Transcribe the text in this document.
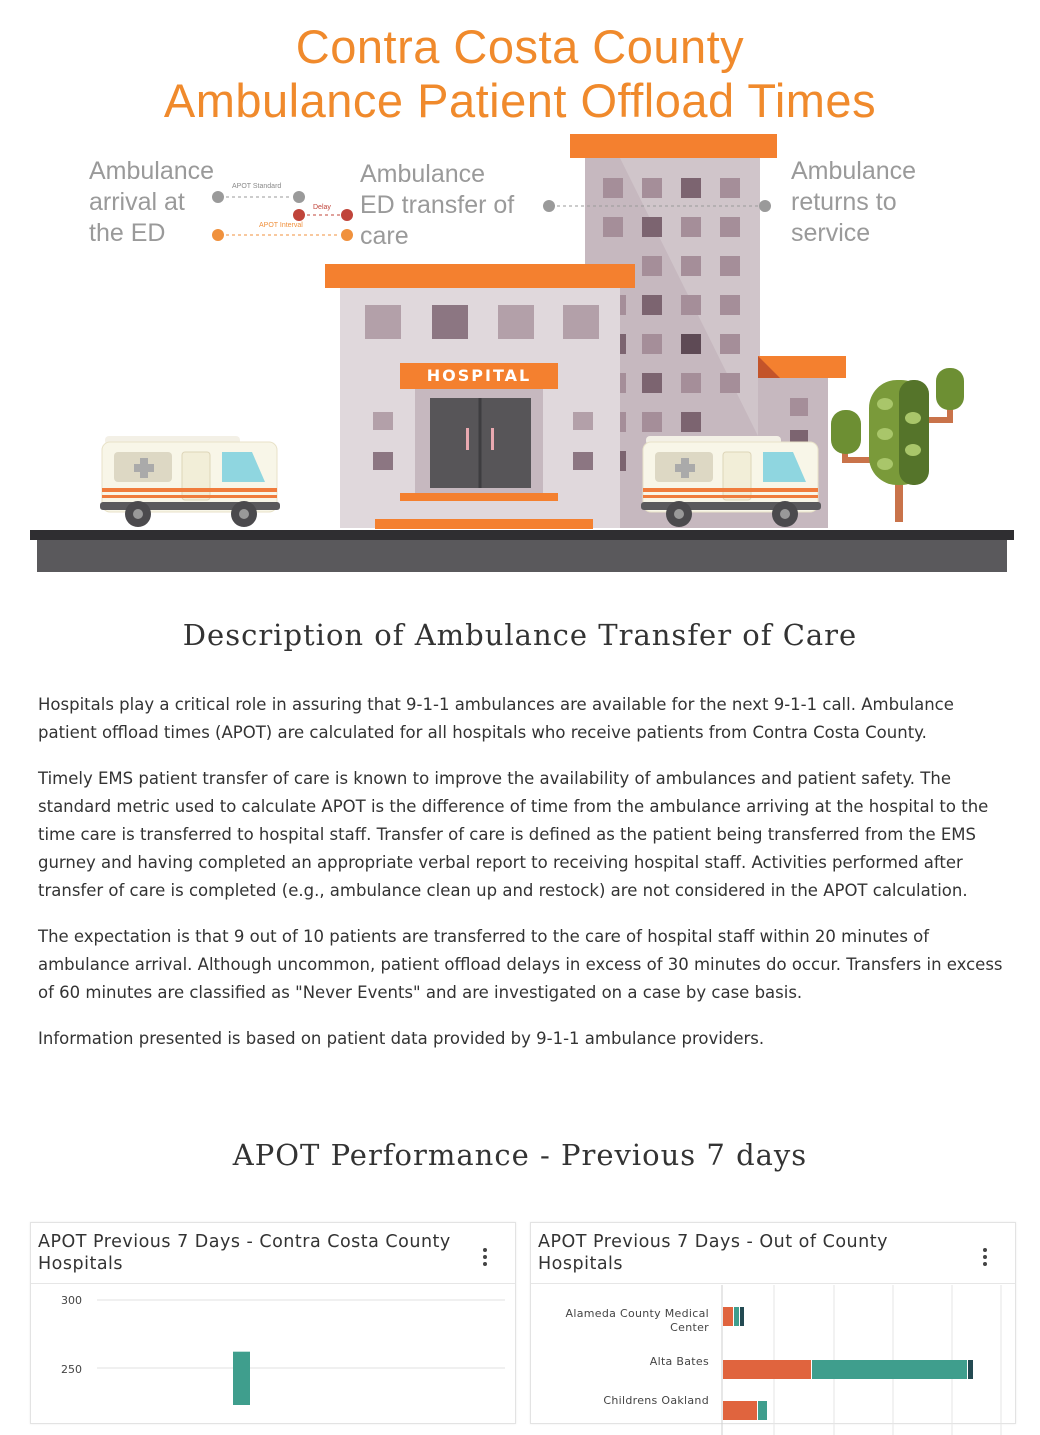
Contra Costa County
Ambulance Patient Offload Times
APOT Standard
Delay
APOT Interval
Ambulance
arrival at
the ED
Ambulance
ED transfer of
care
Ambulance
returns to
service
HOSPITAL
Description of Ambulance Transfer of Care

Hospitals play a critical role in assuring that 9-1-1 ambulances are available for the next 9-1-1 call. Ambulance patient offload times (APOT) are calculated for all hospitals who receive patients from Contra Costa County.

Timely EMS patient transfer of care is known to improve the availability of ambulances and patient safety. The standard metric used to calculate APOT is the difference of time from the ambulance arriving at the hospital to the time care is transferred to hospital staff. Transfer of care is defined as the patient being transferred from the EMS gurney and having completed an appropriate verbal report to receiving hospital staff. Activities performed after transfer of care is completed (e.g., ambulance clean up and restock) are not considered in the APOT calculation.

The expectation is that 9 out of 10 patients are transferred to the care of hospital staff within 20 minutes of ambulance arrival. Although uncommon, patient offload delays in excess of 30 minutes do occur. Transfers in excess of 60 minutes are classified as "Never Events" and are investigated on a case by case basis.

Information presented is based on patient data provided by 9-1-1 ambulance providers.

APOT Performance - Previous 7 days
APOT Previous 7 Days - Contra Costa County Hospitals
300
250
APOT Previous 7 Days - Out of County Hospitals
Alameda County Medical Center
Alta Bates
Childrens Oakland
